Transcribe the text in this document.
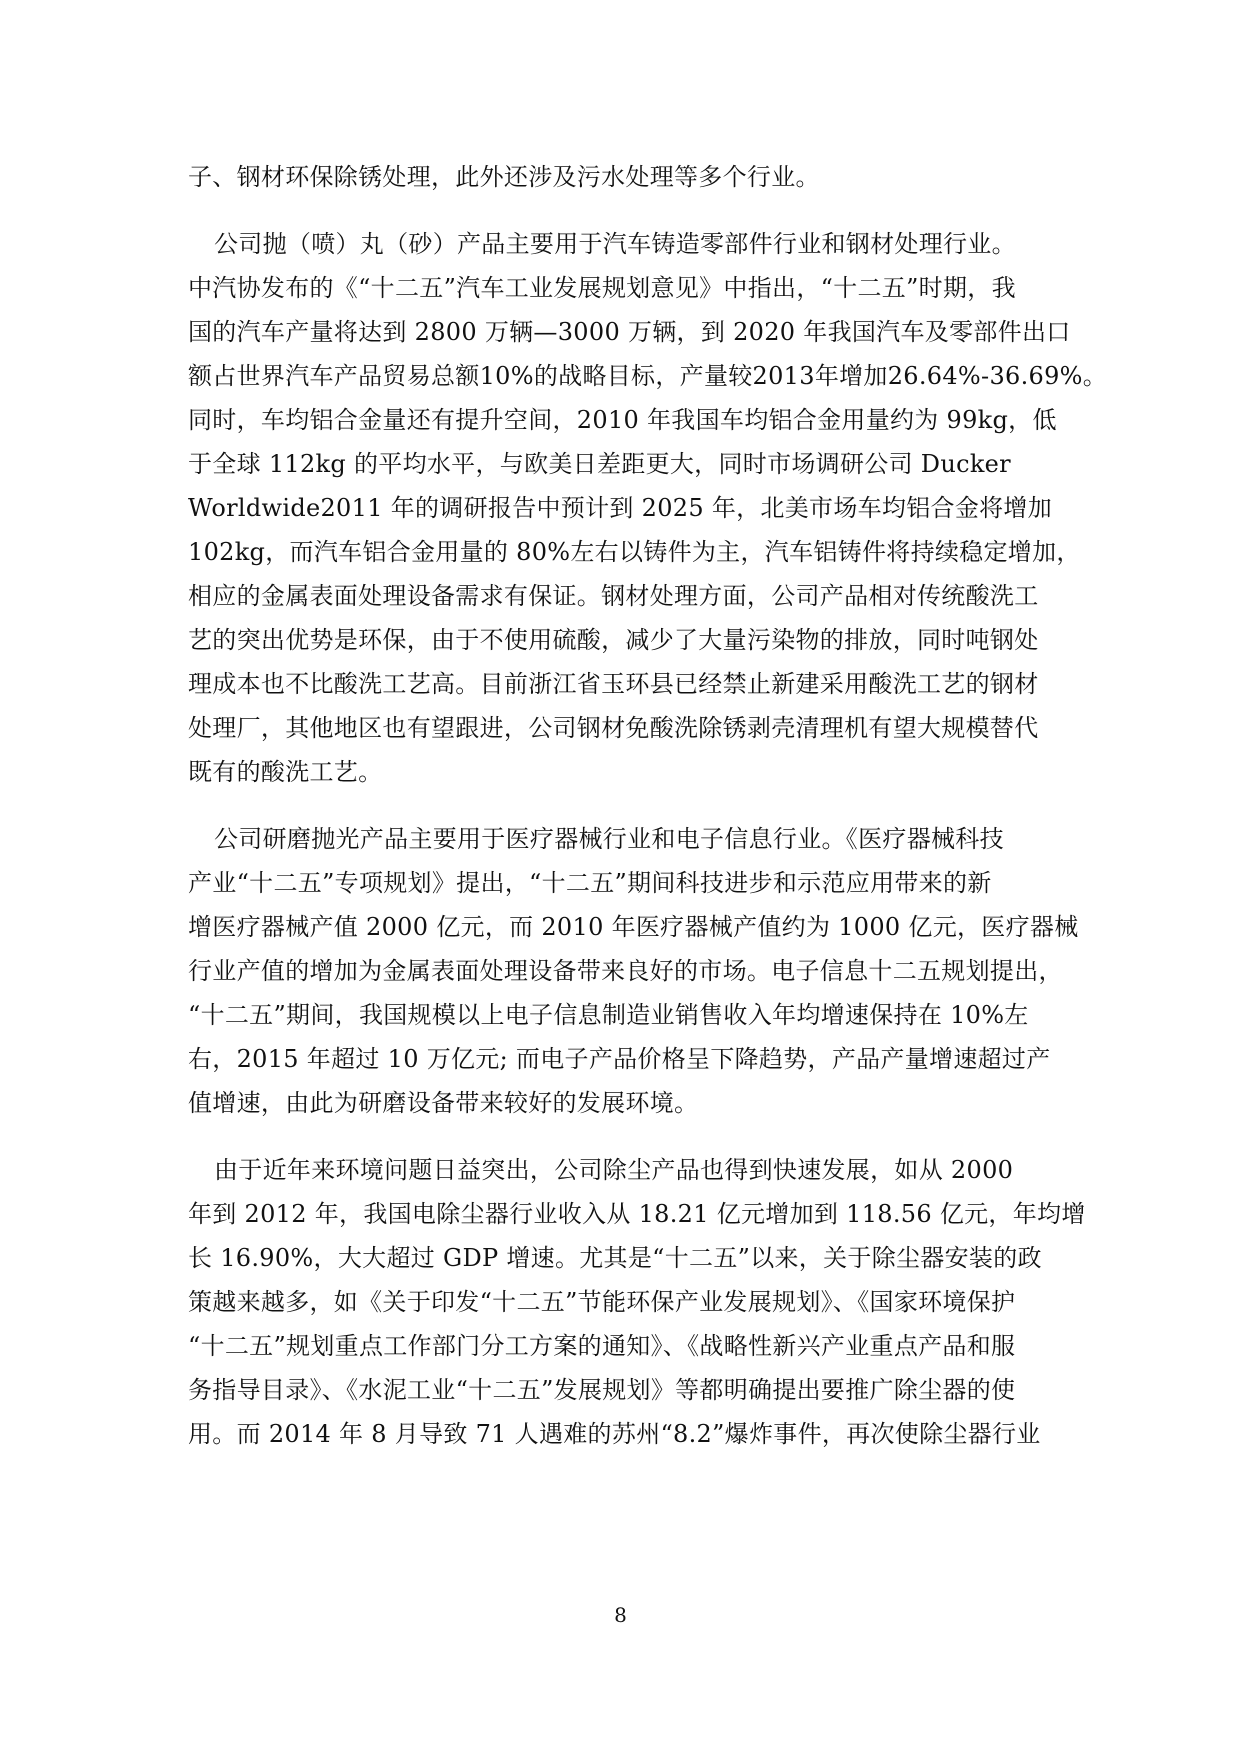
子、钢材环保除锈处理，此外还涉及污水处理等多个行业。
公司抛（喷）丸（砂）产品主要用于汽车铸造零部件行业和钢材处理行业。
中汽协发布的《“十二五”汽车工业发展规划意见》中指出，“十二五”时期，我
国的汽车产量将达到 2800 万辆—3000 万辆，到 2020 年我国汽车及零部件出口
额占世界汽车产品贸易总额10%的战略目标，产量较2013年增加26.64%-36.69%。
同时，车均铝合金量还有提升空间，2010 年我国车均铝合金用量约为 99kg，低
于全球 112kg 的平均水平，与欧美日差距更大，同时市场调研公司 Ducker
Worldwide2011 年的调研报告中预计到 2025 年，北美市场车均铝合金将增加
102kg，而汽车铝合金用量的 80%左右以铸件为主，汽车铝铸件将持续稳定增加，
相应的金属表面处理设备需求有保证。钢材处理方面，公司产品相对传统酸洗工
艺的突出优势是环保，由于不使用硫酸，减少了大量污染物的排放，同时吨钢处
理成本也不比酸洗工艺高。目前浙江省玉环县已经禁止新建采用酸洗工艺的钢材
处理厂，其他地区也有望跟进，公司钢材免酸洗除锈剥壳清理机有望大规模替代
既有的酸洗工艺。
公司研磨抛光产品主要用于医疗器械行业和电子信息行业。《医疗器械科技
产业“十二五”专项规划》提出，“十二五”期间科技进步和示范应用带来的新
增医疗器械产值 2000 亿元，而 2010 年医疗器械产值约为 1000 亿元，医疗器械
行业产值的增加为金属表面处理设备带来良好的市场。电子信息十二五规划提出，
“十二五”期间，我国规模以上电子信息制造业销售收入年均增速保持在 10%左
右，2015 年超过 10 万亿元; 而电子产品价格呈下降趋势，产品产量增速超过产
值增速，由此为研磨设备带来较好的发展环境。
由于近年来环境问题日益突出，公司除尘产品也得到快速发展，如从 2000
年到 2012 年，我国电除尘器行业收入从 18.21 亿元增加到 118.56 亿元，年均增
长 16.90%，大大超过 GDP 增速。尤其是“十二五”以来，关于除尘器安装的政
策越来越多，如《关于印发“十二五”节能环保产业发展规划》、《国家环境保护
“十二五”规划重点工作部门分工方案的通知》、《战略性新兴产业重点产品和服
务指导目录》、《水泥工业“十二五”发展规划》等都明确提出要推广除尘器的使
用。而 2014 年 8 月导致 71 人遇难的苏州“8.2”爆炸事件，再次使除尘器行业
8
